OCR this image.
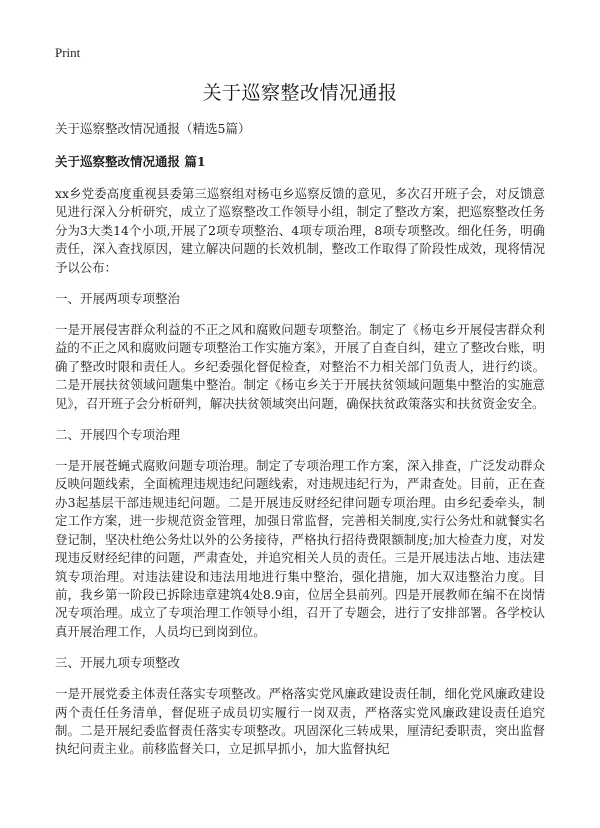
Print
关于巡察整改情况通报
关于巡察整改情况通报（精选5篇）
关于巡察整改情况通报 篇1
xx乡党委高度重视县委第三巡察组对杨屯乡巡察反馈的意见，多次召开班子会，对反馈意见进行深入分析研究，成立了巡察整改工作领导小组，制定了整改方案，把巡察整改任务分为3大类14个小项,开展了2项专项整治、4项专项治理，8项专项整改。细化任务，明确责任，深入查找原因，建立解决问题的长效机制，整改工作取得了阶段性成效，现将情况予以公布：
一、开展两项专项整治
一是开展侵害群众利益的不正之风和腐败问题专项整治。制定了《杨屯乡开展侵害群众利益的不正之风和腐败问题专项整治工作实施方案》，开展了自查自纠，建立了整改台账，明确了整改时限和责任人。乡纪委强化督促检查，对整治不力相关部门负责人，进行约谈。二是开展扶贫领域问题集中整治。制定《杨屯乡关于开展扶贫领域问题集中整治的实施意见》，召开班子会分析研判，解决扶贫领域突出问题，确保扶贫政策落实和扶贫资金安全。
二、开展四个专项治理
一是开展苍蝇式腐败问题专项治理。制定了专项治理工作方案，深入排查，广泛发动群众反映问题线索，全面梳理违规违纪问题线索，对违规违纪行为，严肃查处。目前，正在查办3起基层干部违规违纪问题。二是开展违反财经纪律问题专项治理。由乡纪委牵头，制定工作方案，进一步规范资金管理，加强日常监督，完善相关制度,实行公务灶和就餐实名登记制，坚决杜绝公务灶以外的公务接待，严格执行招待费限额制度;加大检查力度，对发现违反财经纪律的问题，严肃查处，并追究相关人员的责任。三是开展违法占地、违法建筑专项治理。对违法建设和违法用地进行集中整治，强化措施，加大双违整治力度。目前，我乡第一阶段已拆除违章建筑4处8.9亩，位居全县前列。四是开展教师在编不在岗情况专项治理。成立了专项治理工作领导小组，召开了专题会，进行了安排部署。各学校认真开展治理工作，人员均已到岗到位。
三、开展九项专项整改
一是开展党委主体责任落实专项整改。严格落实党风廉政建设责任制，细化党风廉政建设两个责任任务清单，督促班子成员切实履行一岗双责，严格落实党风廉政建设责任追究制。二是开展纪委监督责任落实专项整改。巩固深化三转成果，厘清纪委职责，突出监督执纪问责主业。前移监督关口，立足抓早抓小，加大监督执纪
